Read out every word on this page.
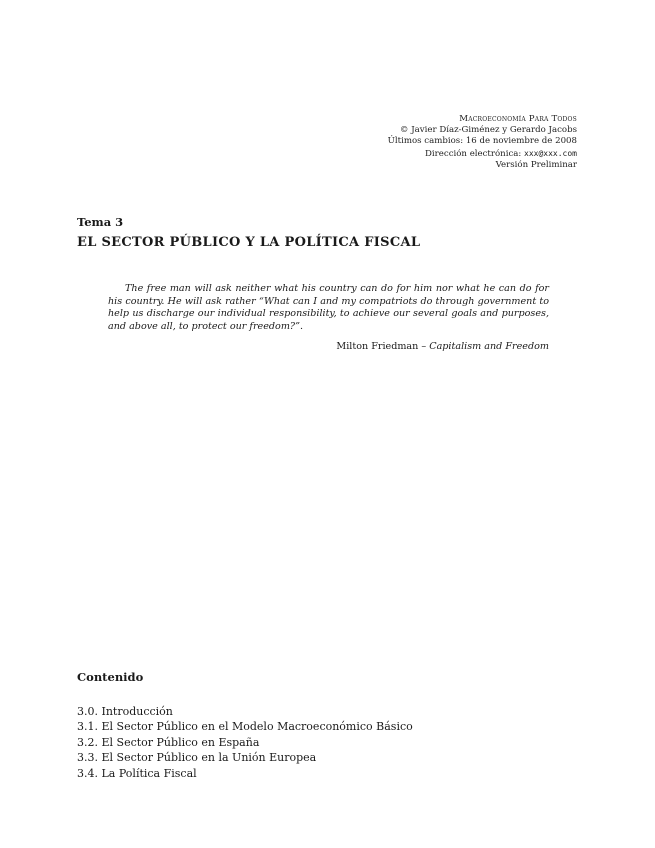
Macroeconomía Para Todos
© Javier Díaz-Giménez y Gerardo Jacobs
Últimos cambios: 16 de noviembre de 2008
Dirección electrónica: xxx@xxx.com
Versión Preliminar
Tema 3
EL SECTOR PÚBLICO Y LA POLÍTICA FISCAL

The free man will ask neither what his country can do for him nor what he can do for his country. He will ask rather “What can I and my compatriots do through government to help us discharge our individual responsibility, to achieve our several goals and purposes, and above all, to protect our freedom?”.

Milton Friedman – Capitalism and Freedom
Contenido
3.0. Introducción
3.1. El Sector Público en el Modelo Macroeconómico Básico
3.2. El Sector Público en España
3.3. El Sector Público en la Unión Europea
3.4. La Política Fiscal
